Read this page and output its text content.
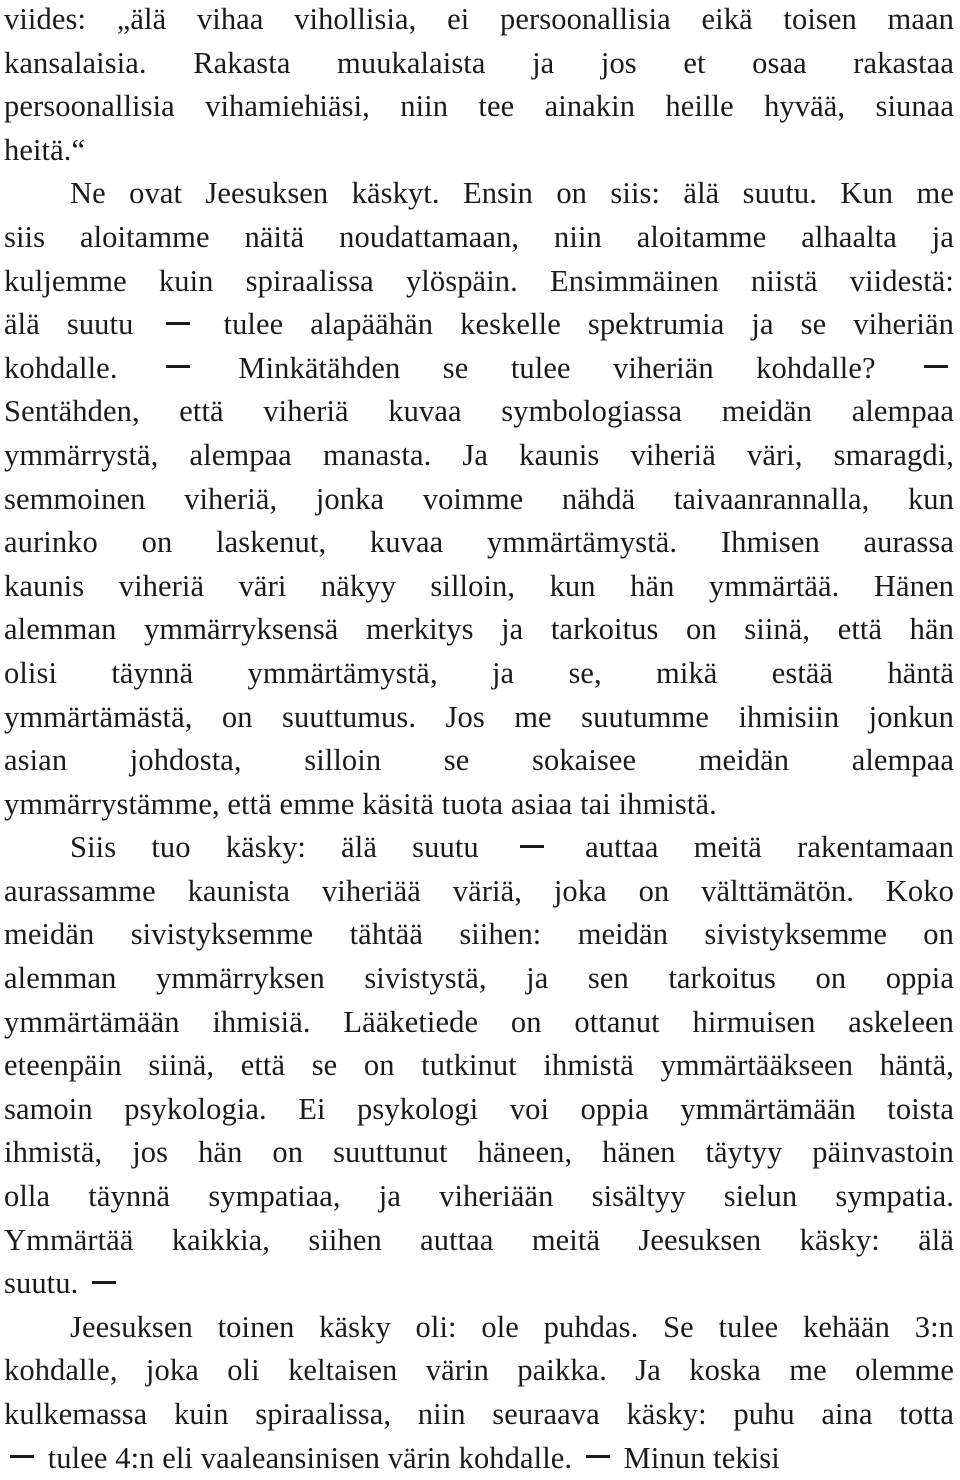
viides: „älä vihaa vihollisia, ei persoonallisia eikä toisen maan
kansalaisia. Rakasta muukalaista ja jos et osaa rakastaa
persoonallisia vihamiehiäsi, niin tee ainakin heille hyvää, siunaa
heitä.“
Ne ovat Jeesuksen käskyt. Ensin on siis: älä suutu. Kun me
siis aloitamme näitä noudattamaan, niin aloitamme alhaalta ja
kuljemme kuin spiraalissa ylöspäin. Ensimmäinen niistä viidestä:
älä suutu  tulee alapäähän keskelle spektrumia ja se viheriän
kohdalle.  Minkätähden se tulee viheriän kohdalle?
Sentähden, että viheriä kuvaa symbologiassa meidän alempaa
ymmärrystä, alempaa manasta. Ja kaunis viheriä väri, smaragdi,
semmoinen viheriä, jonka voimme nähdä taivaanrannalla, kun
aurinko on laskenut, kuvaa ymmärtämystä. Ihmisen aurassa
kaunis viheriä väri näkyy silloin, kun hän ymmärtää. Hänen
alemman ymmärryksensä merkitys ja tarkoitus on siinä, että hän
olisi täynnä ymmärtämystä, ja se, mikä estää häntä
ymmärtämästä, on suuttumus. Jos me suutumme ihmisiin jonkun
asian johdosta, silloin se sokaisee meidän alempaa
ymmärrystämme, että emme käsitä tuota asiaa tai ihmistä.
Siis tuo käsky: älä suutu  auttaa meitä rakentamaan
aurassamme kaunista viheriää väriä, joka on välttämätön. Koko
meidän sivistyksemme tähtää siihen: meidän sivistyksemme on
alemman ymmärryksen sivistystä, ja sen tarkoitus on oppia
ymmärtämään ihmisiä. Lääketiede on ottanut hirmuisen askeleen
eteenpäin siinä, että se on tutkinut ihmistä ymmärtääkseen häntä,
samoin psykologia. Ei psykologi voi oppia ymmärtämään toista
ihmistä, jos hän on suuttunut häneen, hänen täytyy päinvastoin
olla täynnä sympatiaa, ja viheriään sisältyy sielun sympatia.
Ymmärtää kaikkia, siihen auttaa meitä Jeesuksen käsky: älä
suutu.
Jeesuksen toinen käsky oli: ole puhdas. Se tulee kehään 3:n
kohdalle, joka oli keltaisen värin paikka. Ja koska me olemme
kulkemassa kuin spiraalissa, niin seuraava käsky: puhu aina totta
tulee 4:n eli vaaleansinisen värin kohdalle.  Minun tekisi
